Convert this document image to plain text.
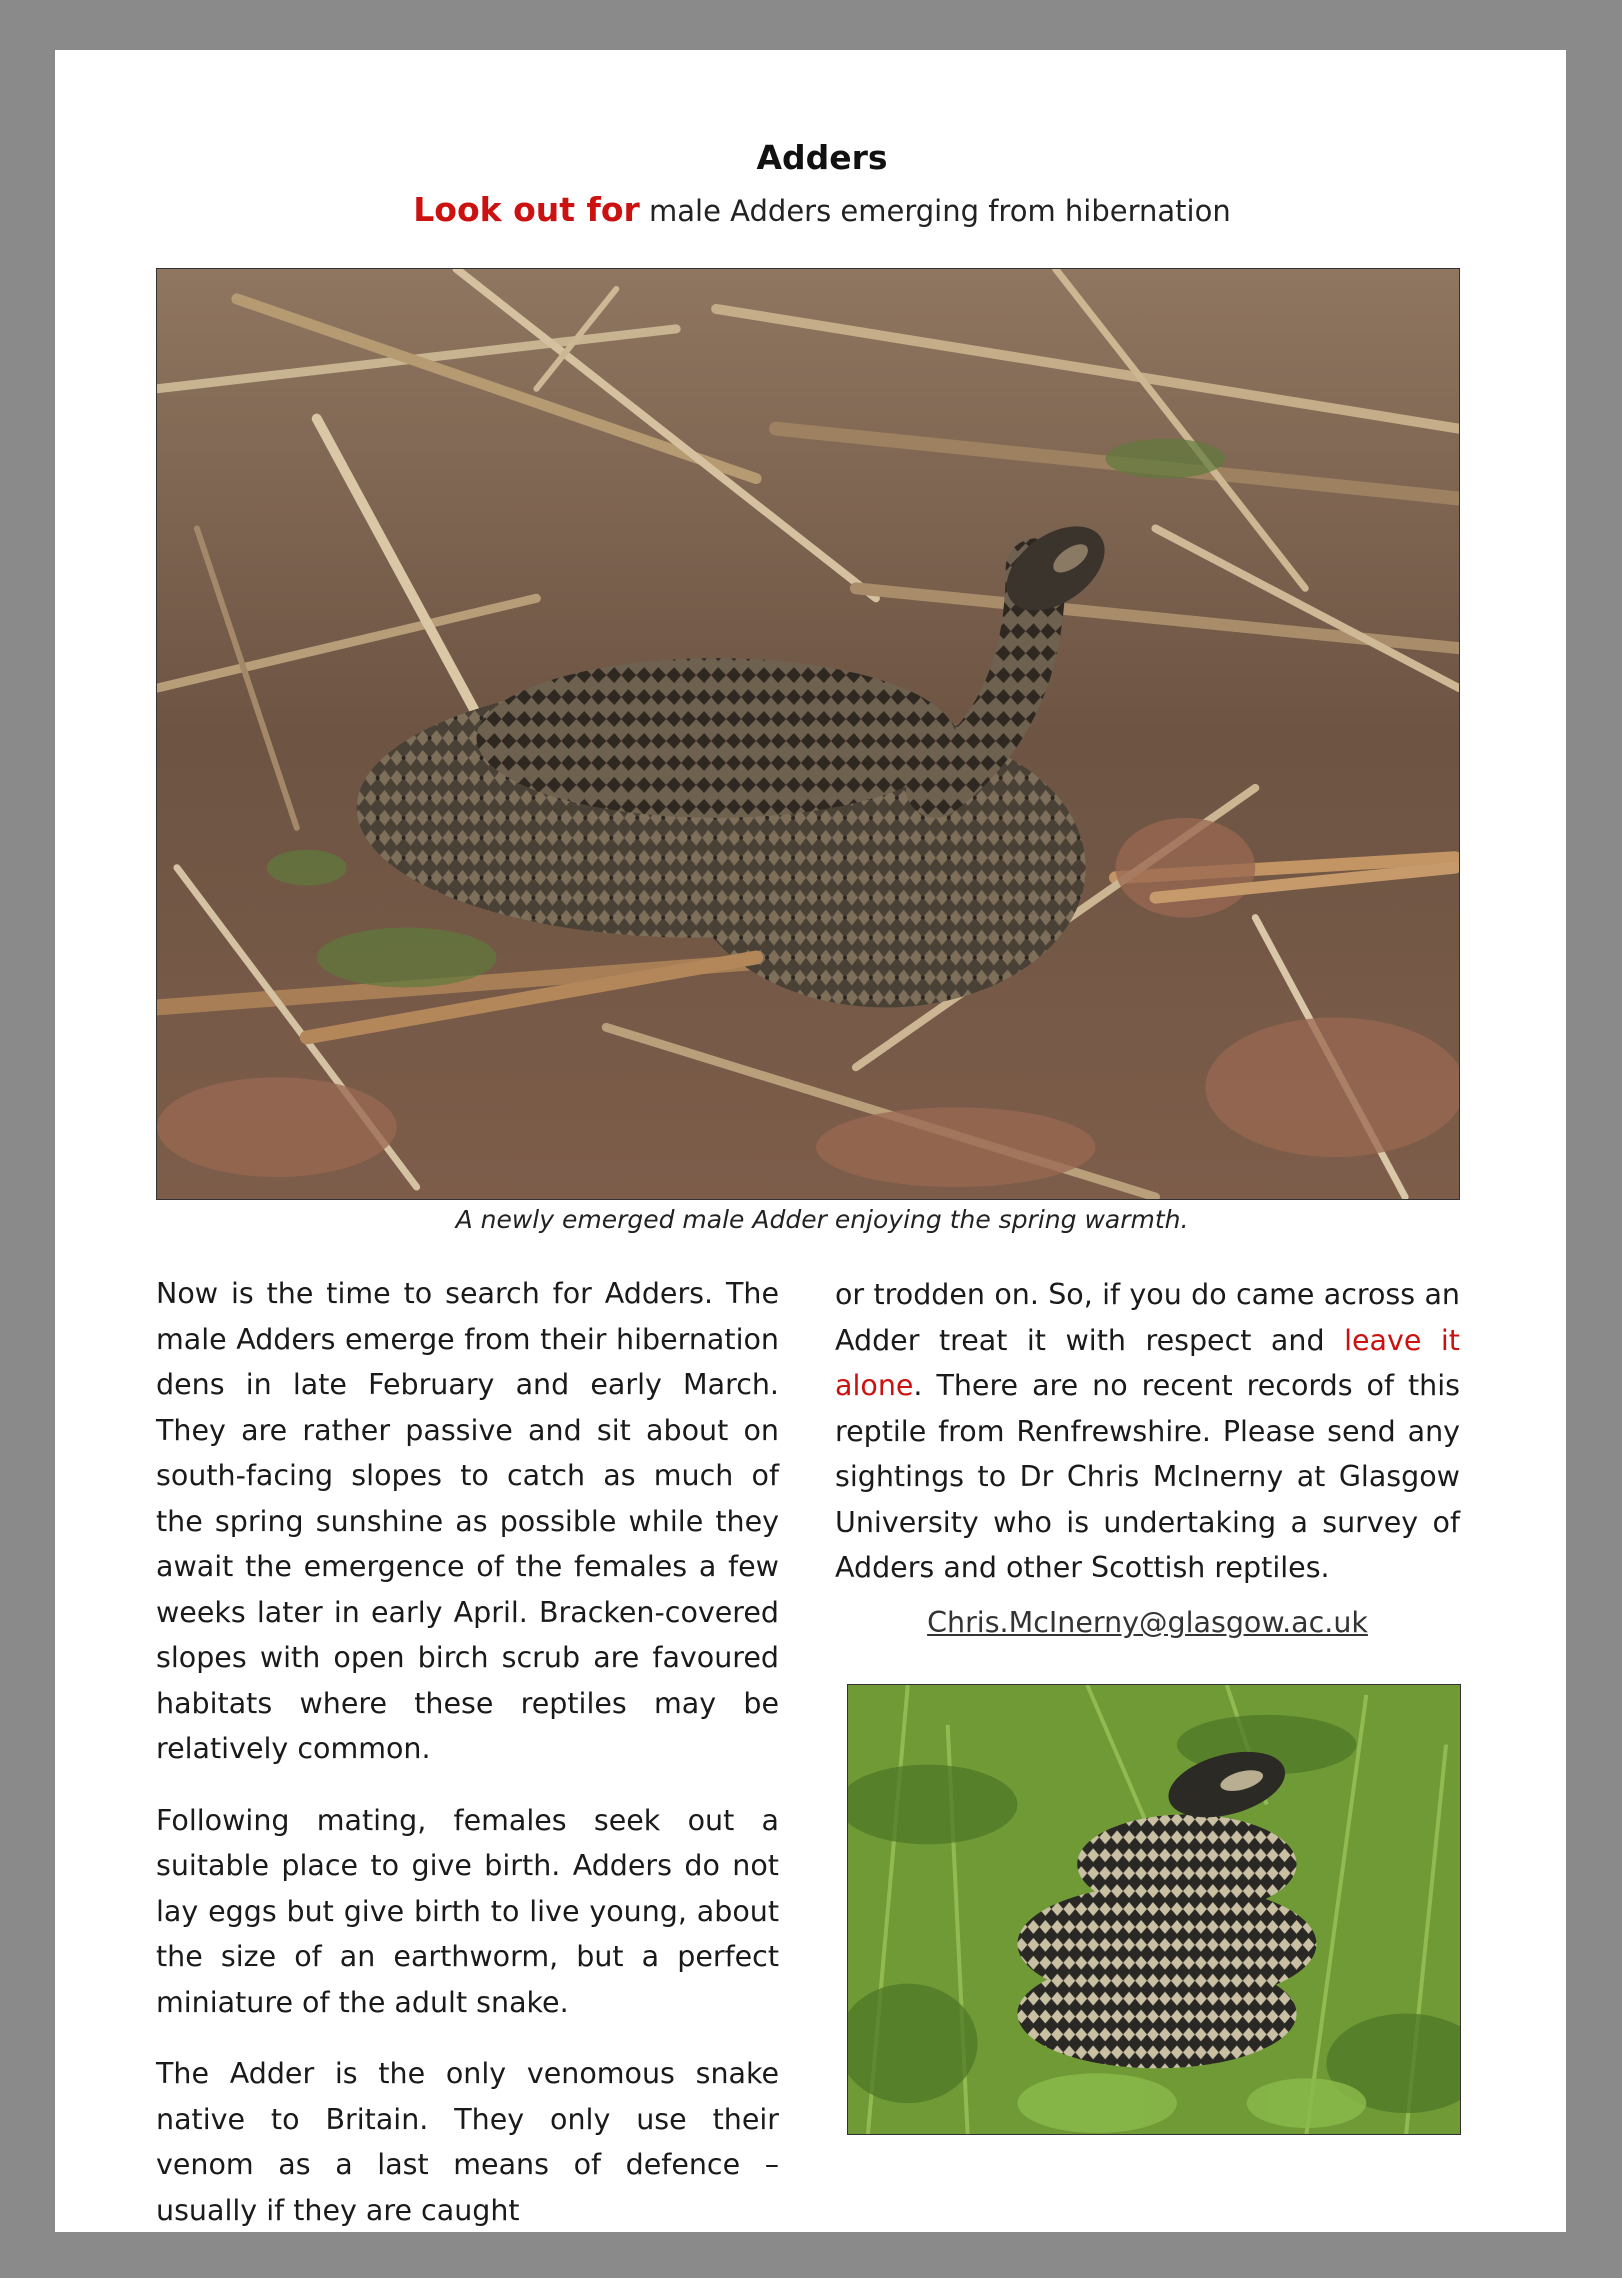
Adders
Look out for male Adders emerging from hibernation
A newly emerged male Adder enjoying the spring warmth.

Now is the time to search for Adders. The male Adders emerge from their hibernation dens in late February and early March. They are rather passive and sit about on south-facing slopes to catch as much of the spring sunshine as possible while they await the emergence of the females a few weeks later in early April. Bracken-covered slopes with open birch scrub are favoured habitats where these reptiles may be relatively common.

Following mating, females seek out a suitable place to give birth. Adders do not lay eggs but give birth to live young, about the size of an earthworm, but a perfect miniature of the adult snake.

The Adder is the only venomous snake native to Britain. They only use their venom as a last means of defence – usually if they are caught

or trodden on. So, if you do came across an Adder treat it with respect and leave it alone. There are no recent records of this reptile from Renfrewshire. Please send any sightings to Dr Chris McInerny at Glasgow University who is undertaking a survey of Adders and other Scottish reptiles.

Chris.McInerny@glasgow.ac.uk
